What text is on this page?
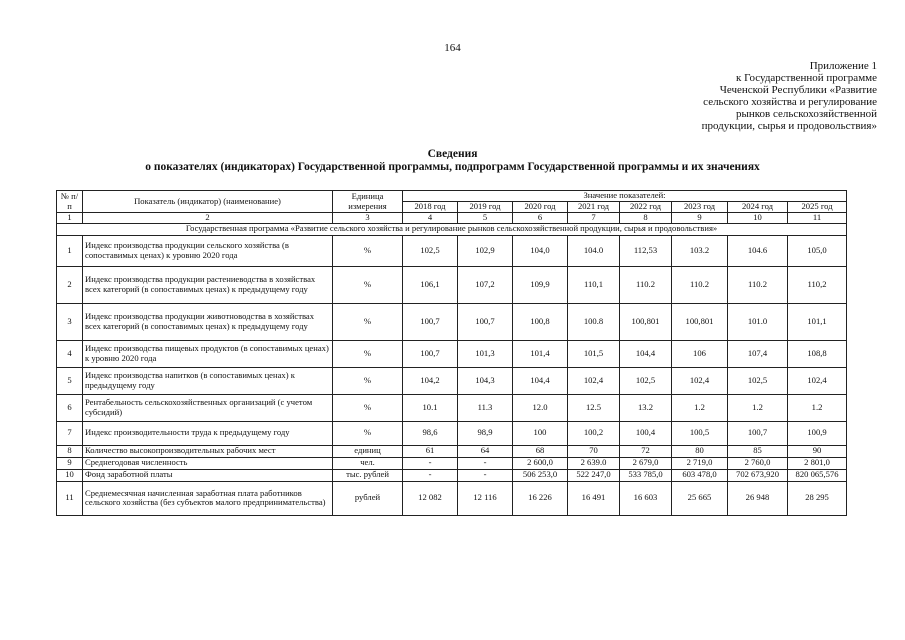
164
Приложение 1
к Государственной программе
Чеченской Республики «Развитие
сельского хозяйства и регулирование
рынков сельскохозяйственной
продукции, сырья и продовольствия»
Сведения
о показателях (индикаторах) Государственной программы, подпрограмм Государственной программы и их значениях
№ п/п	Показатель (индикатор) (наименование)	Единица измерения	Значение показателей:							
			2018 год	2019 год	2020 год	2021 год	2022 год	2023 год	2024 год	2025 год
1	2	3	4	5	6	7	8	9	10	11
Государственная программа «Развитие сельского хозяйства и регулирование рынков сельскохозяйственной продукции, сырья и продовольствия»										
1	Индекс производства продукции сельского хозяйства (в сопоставимых ценах) к уровню 2020 года	%	102,5	102,9	104,0	104.0	112,53	103.2	104.6	105,0
2	Индекс производства продукции растениеводства в хозяйствах всех категорий (в сопоставимых ценах) к предыдущему году	%	106,1	107,2	109,9	110,1	110.2	110.2	110.2	110,2
3	Индекс производства продукции животноводства в хозяйствах всех категорий (в сопоставимых ценах) к предыдущему году	%	100,7	100,7	100,8	100.8	100,801	100,801	101.0	101,1
4	Индекс производства пищевых продуктов (в сопоставимых ценах) к уровню 2020 года	%	100,7	101,3	101,4	101,5	104,4	106	107,4	108,8
5	Индекс производства напитков (в сопоставимых ценах) к предыдущему году	%	104,2	104,3	104,4	102,4	102,5	102,4	102,5	102,4
6	Рентабельность сельскохозяйственных организаций (с учетом субсидий)	%	10.1	11.3	12.0	12.5	13.2	1.2	1.2	1.2
7	Индекс производительности труда к предыдущему году	%	98,6	98,9	100	100,2	100,4	100,5	100,7	100,9
8	Количество высокопроизводительных рабочих мест	единиц	61	64	68	70	72	80	85	90
9	Среднегодовая численность	чел.	-	-	2 600,0	2 639.0	2 679,0	2 719,0	2 760,0	2 801,0
10	Фонд заработной платы	тыс. рублей	-	-	506 253,0	522 247,0	533 785,0	603 478,0	702 673,920	820 065,576
11	Среднемесячная начисленная заработная плата работников сельского хозяйства (без субъектов малого предпринимательства)	рублей	12 082	12 116	16 226	16 491	16 603	25 665	26 948	28 295
